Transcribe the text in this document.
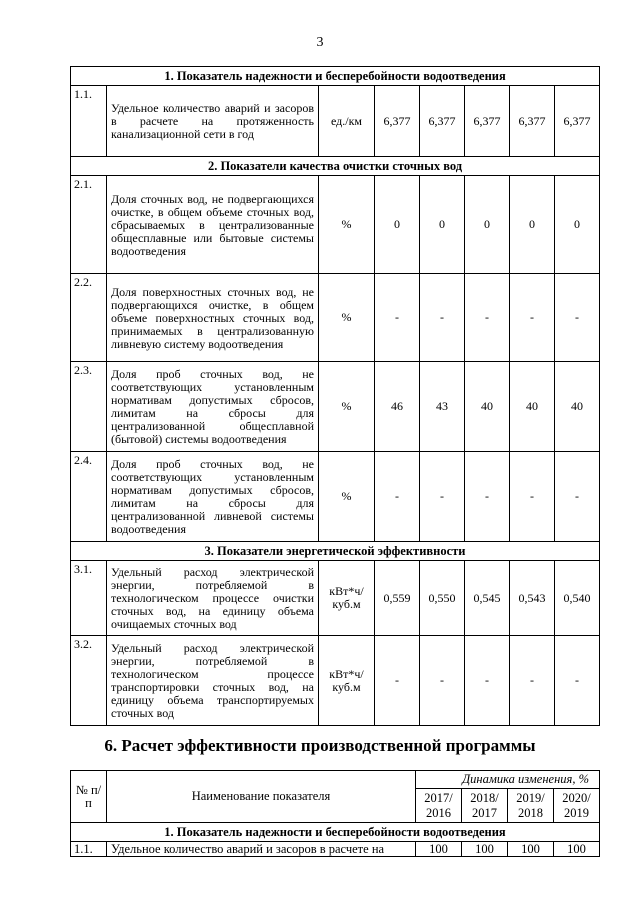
3
1. Показатель надежности и бесперебойности водоотведения							
1.1.	Удельное количество аварий и засоров в расчете на протяженность канализационной сети в год	ед./км	6,377	6,377	6,377	6,377	6,377
2. Показатели качества очистки сточных вод							
2.1.	Доля сточных вод, не подвергающихся очистке, в общем объеме сточных вод, сбрасываемых в централизованные общесплавные или бытовые системы водоотведения	%	0	0	0	0	0
2.2.	Доля поверхностных сточных вод, не подвергающихся очистке, в общем объеме поверхностных сточных вод, принимаемых в централизованную ливневую систему водоотведения	%	-	-	-	-	-
2.3.	Доля проб сточных вод, не соответствующих установленным нормативам допустимых сбросов, лимитам на сбросы для централизованной общесплавной (бытовой) системы водоотведения	%	46	43	40	40	40
2.4.	Доля проб сточных вод, не соответствующих установленным нормативам допустимых сбросов, лимитам на сбросы для централизованной ливневой системы водоотведения	%	-	-	-	-	-
3. Показатели энергетической эффективности							
3.1.	Удельный расход электрической энергии, потребляемой в технологическом процессе очистки сточных вод, на единицу объема очищаемых сточных вод	кВт*ч/ куб.м	0,559	0,550	0,545	0,543	0,540
3.2.	Удельный расход электрической энергии, потребляемой в технологическом процессе транспортировки сточных вод, на единицу объема транспортируемых сточных вод	кВт*ч/ куб.м	-	-	-	-	-
6. Расчет эффективности производственной программы
№ п/п	Наименование показателя	Динамика изменения, %			
		2017/ 2016	2018/ 2017	2019/ 2018	2020/ 2019
1. Показатель надежности и бесперебойности водоотведения					
1.1.	Удельное количество аварий и засоров в расчете на	100	100	100	100
